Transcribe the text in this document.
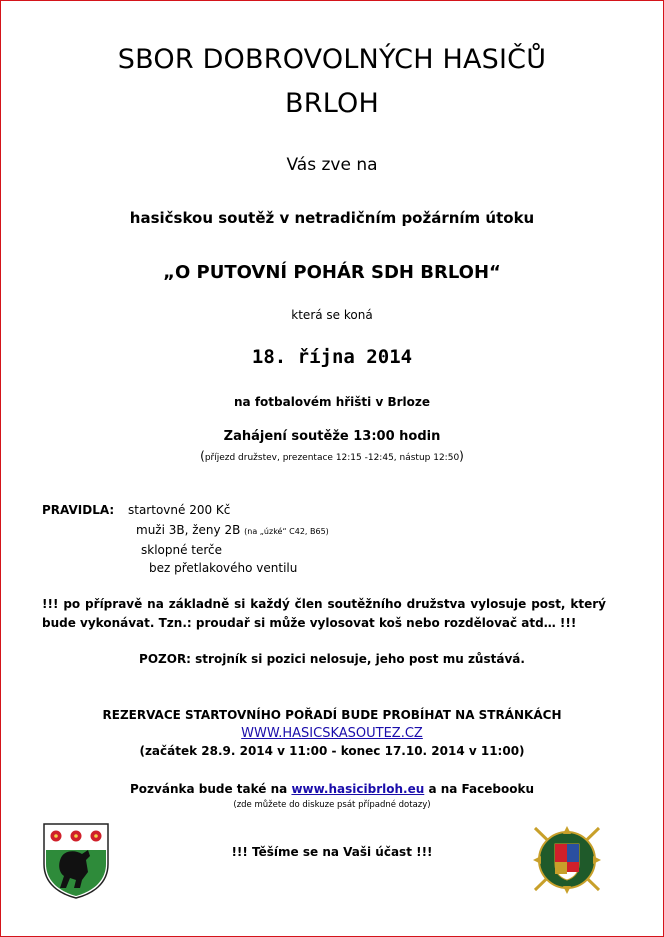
SBOR DOBROVOLNÝCH HASIČŮ
BRLOH
Vás zve na
hasičskou soutěž v netradičním požárním útoku
„O PUTOVNÍ POHÁR SDH BRLOH“
která se koná
18. října 2014
na fotbalovém hřišti v Brloze
Zahájení soutěže 13:00 hodin
(příjezd družstev, prezentace 12:15 -12:45, nástup 12:50)
PRAVIDLA: startovné 200 Kč
muži 3B, ženy 2B (na „úzké“ C42, B65)
sklopné terče
bez přetlakového ventilu
!!! po přípravě na základně si každý člen soutěžního družstva vylosuje post, který bude vykonávat. Tzn.: proudař si může vylosovat koš nebo rozdělovač atd… !!!
POZOR: strojník si pozici nelosuje, jeho post mu zůstává.
REZERVACE STARTOVNÍHO POŘADÍ BUDE PROBÍHAT NA STRÁNKÁCH
WWW.HASICSKASOUTEZ.CZ
(začátek 28.9. 2014 v 11:00 - konec 17.10. 2014 v 11:00)
Pozvánka bude také na www.hasicibrloh.eu a na Facebooku
(zde můžete do diskuze psát případné dotazy)
!!! Těšíme se na Vaši účast !!!
